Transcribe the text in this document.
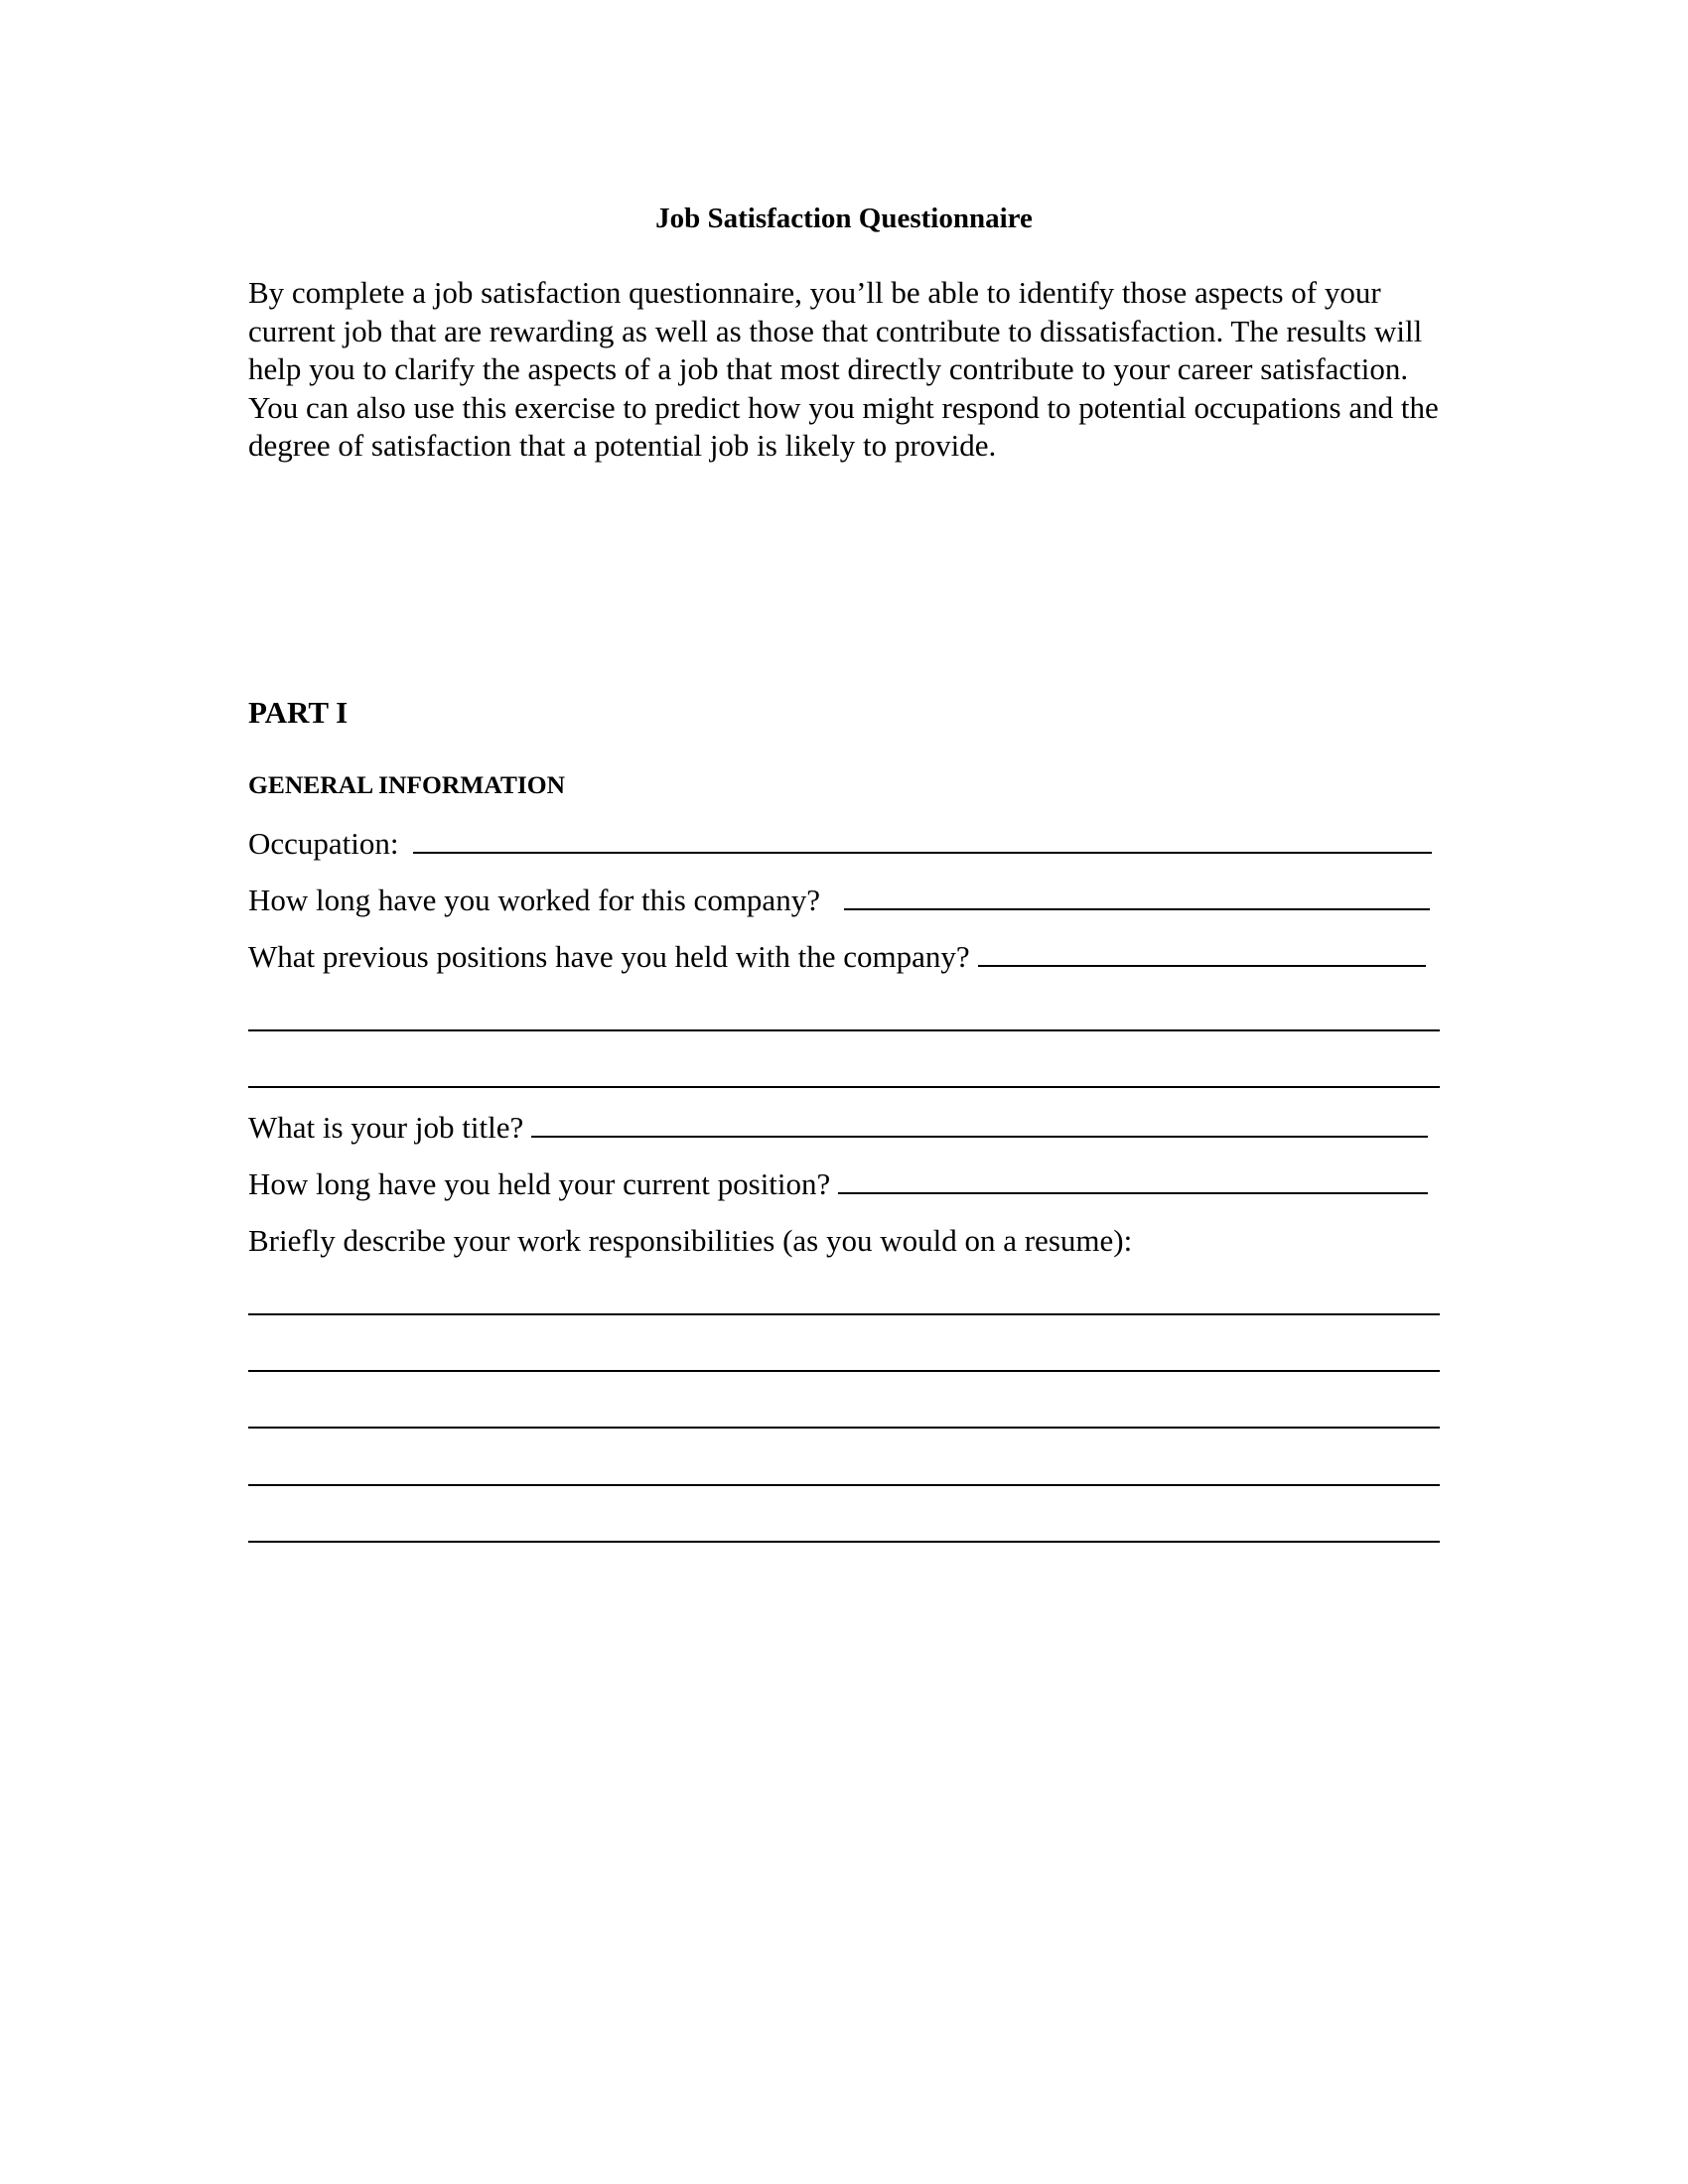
Job Satisfaction Questionnaire

By complete a job satisfaction questionnaire, you’ll be able to identify those aspects of your current job that are rewarding as well as those that contribute to dissatisfaction. The results will help you to clarify the aspects of a job that most directly contribute to your career satisfaction. You can also use this exercise to predict how you might respond to potential occupations and the degree of satisfaction that a potential job is likely to provide.

PART I
GENERAL INFORMATION
Occupation:
How long have you worked for this company?
What previous positions have you held with the company?
What is your job title?
How long have you held your current position?
Briefly describe your work responsibilities (as you would on a resume):
